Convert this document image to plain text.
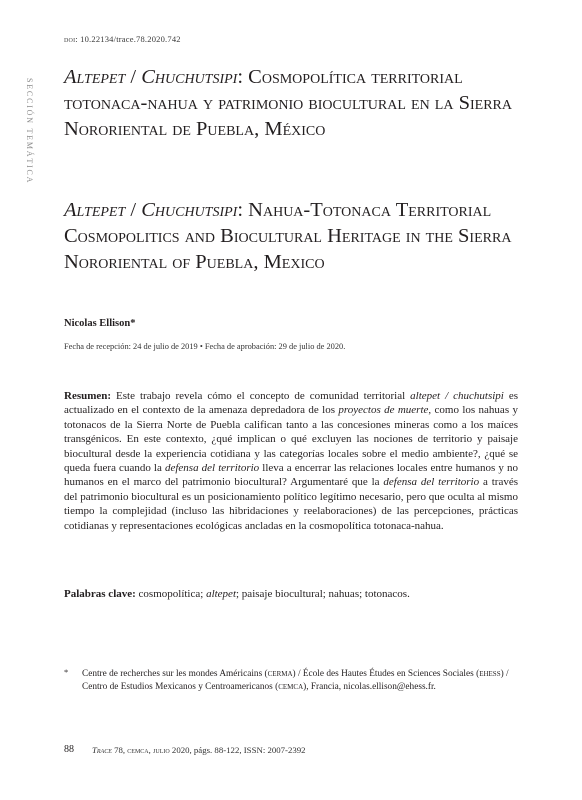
doi: 10.22134/trace.78.2020.742
SECCIÓN TEMÁTICA
Altepet / Chuchutsipi: Cosmopolítica territorial totonaca-nahua y patrimonio biocultural en la Sierra Nororiental de Puebla, México
Altepet / Chuchutsipi: Nahua-Totonaca Territorial Cosmopolitics and Biocultural Heritage in the Sierra Nororiental of Puebla, Mexico
Nicolas Ellison*
Fecha de recepción: 24 de julio de 2019 • Fecha de aprobación: 29 de julio de 2020.

Resumen: Este trabajo revela cómo el concepto de comunidad territorial altepet / chuchutsipi es actualizado en el contexto de la amenaza depredadora de los proyectos de muerte, como los nahuas y totonacos de la Sierra Norte de Puebla califican tanto a las concesiones mineras como a los maíces transgénicos. En este contexto, ¿qué implican o qué excluyen las nociones de territorio y paisaje biocultural desde la experiencia cotidiana y las categorías locales sobre el medio ambiente?, ¿qué se queda fuera cuando la defensa del territorio lleva a encerrar las relaciones locales entre humanos y no humanos en el marco del patrimonio biocultural? Argumentaré que la defensa del territorio a través del patrimonio biocultural es un posicionamiento político legítimo necesario, pero que oculta al mismo tiempo la complejidad (incluso las hibridaciones y reelaboraciones) de las percepciones, prácticas cotidianas y representaciones ecológicas ancladas en la cosmopolítica totonaca-nahua.

Palabras clave: cosmopolítica; altepet; paisaje biocultural; nahuas; totonacos.

* Centre de recherches sur les mondes Américains (cerma) / École des Hautes Études en Sciences Sociales (ehess) / Centro de Estudios Mexicanos y Centroamericanos (cemca), Francia, nicolas.ellison@ehess.fr.

88 Trace 78, cemca, julio 2020, págs. 88-122, ISSN: 2007-2392
